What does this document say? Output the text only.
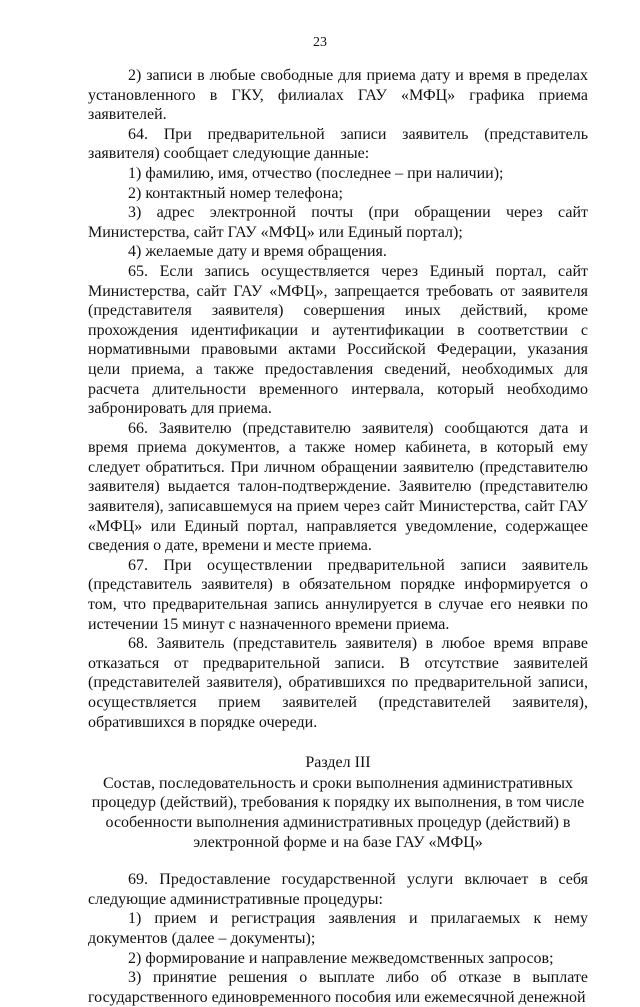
23

2) записи в любые свободные для приема дату и время в пределах установленного в ГКУ, филиалах ГАУ «МФЦ» графика приема заявителей.

64. При предварительной записи заявитель (представитель заявителя) сообщает следующие данные:

1) фамилию, имя, отчество (последнее – при наличии);

2) контактный номер телефона;

3) адрес электронной почты (при обращении через сайт Министерства, сайт ГАУ «МФЦ» или Единый портал);

4) желаемые дату и время обращения.

65. Если запись осуществляется через Единый портал, сайт Министерства, сайт ГАУ «МФЦ», запрещается требовать от заявителя (представителя заявителя) совершения иных действий, кроме прохождения идентификации и аутентификации в соответствии с нормативными правовыми актами Российской Федерации, указания цели приема, а также предоставления сведений, необходимых для расчета длительности временного интервала, который необходимо забронировать для приема.

66. Заявителю (представителю заявителя) сообщаются дата и время приема документов, а также номер кабинета, в который ему следует обратиться. При личном обращении заявителю (представителю заявителя) выдается талон-подтверждение. Заявителю (представителю заявителя), записавшемуся на прием через сайт Министерства, сайт ГАУ «МФЦ» или Единый портал, направляется уведомление, содержащее сведения о дате, времени и месте приема.

67. При осуществлении предварительной записи заявитель (представитель заявителя) в обязательном порядке информируется о том, что предварительная запись аннулируется в случае его неявки по истечении 15 минут с назначенного времени приема.

68. Заявитель (представитель заявителя) в любое время вправе отказаться от предварительной записи. В отсутствие заявителей (представителей заявителя), обратившихся по предварительной записи, осуществляется прием заявителей (представителей заявителя), обратившихся в порядке очереди.

Раздел III

Состав, последовательность и сроки выполнения административных процедур (действий), требования к порядку их выполнения, в том числе особенности выполнения административных процедур (действий) в электронной форме и на базе ГАУ «МФЦ»

69. Предоставление государственной услуги включает в себя следующие административные процедуры:

1) прием и регистрация заявления и прилагаемых к нему документов (далее – документы);

2) формирование и направление межведомственных запросов;

3) принятие решения о выплате либо об отказе в выплате государственного единовременного пособия или ежемесячной денежной
